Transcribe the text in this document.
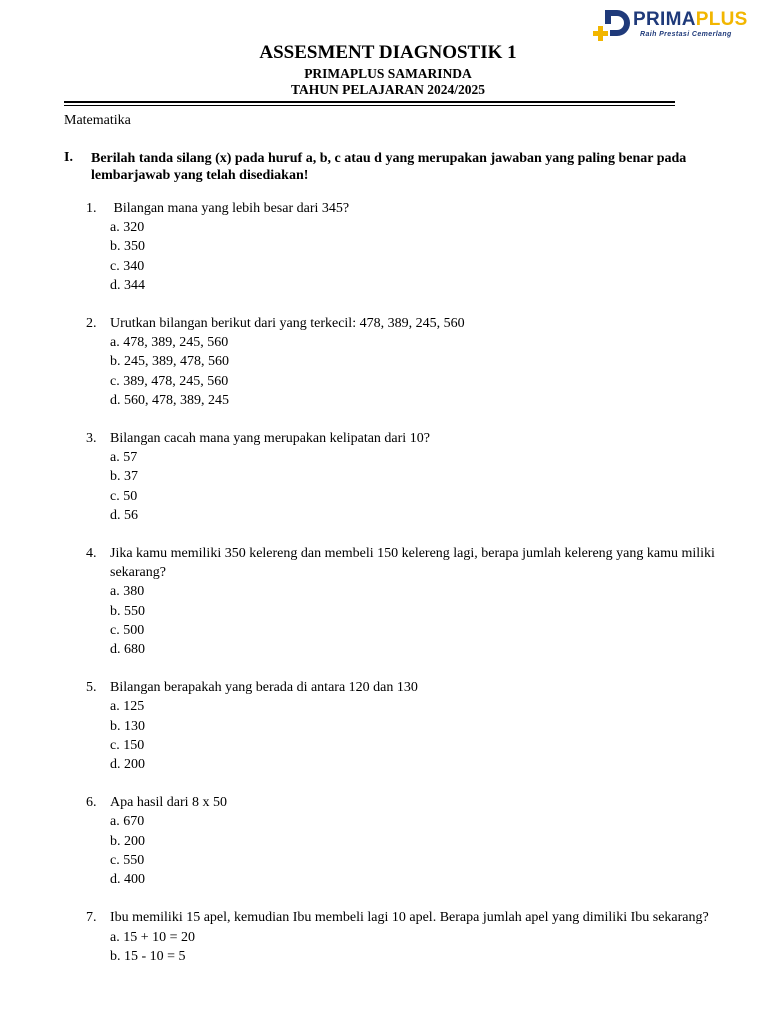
PRIMAPLUS
Raih Prestasi Cemerlang
ASSESMENT DIAGNOSTIK 1
PRIMAPLUS SAMARINDA
TAHUN PELAJARAN 2024/2025
Matematika
I. Berilah tanda silang (x) pada huruf a, b, c atau d yang merupakan jawaban yang paling benar pada lembarjawab yang telah disediakan!
1. Bilangan mana yang lebih besar dari 345?
a. 320
b. 350
c. 340
d. 344
2. Urutkan bilangan berikut dari yang terkecil: 478, 389, 245, 560
a. 478, 389, 245, 560
b. 245, 389, 478, 560
c. 389, 478, 245, 560
d. 560, 478, 389, 245
3. Bilangan cacah mana yang merupakan kelipatan dari 10?
a. 57
b. 37
c. 50
d. 56
4. Jika kamu memiliki 350 kelereng dan membeli 150 kelereng lagi, berapa jumlah kelereng yang kamu miliki sekarang?
a. 380
b. 550
c. 500
d. 680
5. Bilangan berapakah yang berada di antara 120 dan 130
a. 125
b. 130
c. 150
d. 200
6. Apa hasil dari 8 x 50
a. 670
b. 200
c. 550
d. 400
7. Ibu memiliki 15 apel, kemudian Ibu membeli lagi 10 apel. Berapa jumlah apel yang dimiliki Ibu sekarang?
a. 15 + 10 = 20
b. 15 - 10 = 5
